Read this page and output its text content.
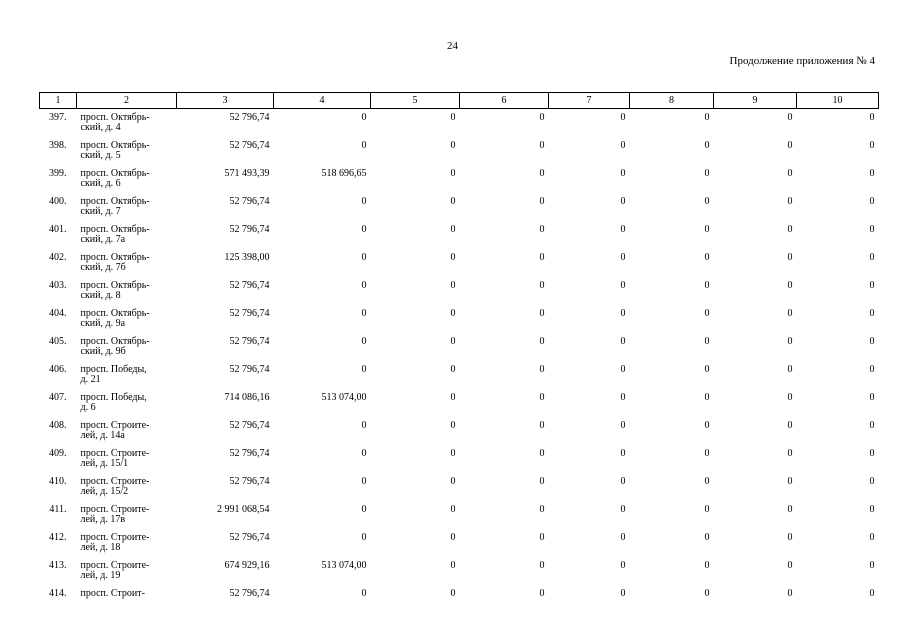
24
Продолжение приложения № 4
1	2	3	4	5	6	7	8	9	10
397.	просп. Октябрь-
ский, д. 4	52 796,74	0	0	0	0	0	0	0
398.	просп. Октябрь-
ский, д. 5	52 796,74	0	0	0	0	0	0	0
399.	просп. Октябрь-
ский, д. 6	571 493,39	518 696,65	0	0	0	0	0	0
400.	просп. Октябрь-
ский, д. 7	52 796,74	0	0	0	0	0	0	0
401.	просп. Октябрь-
ский, д. 7а	52 796,74	0	0	0	0	0	0	0
402.	просп. Октябрь-
ский, д. 7б	125 398,00	0	0	0	0	0	0	0
403.	просп. Октябрь-
ский, д. 8	52 796,74	0	0	0	0	0	0	0
404.	просп. Октябрь-
ский, д. 9а	52 796,74	0	0	0	0	0	0	0
405.	просп. Октябрь-
ский, д. 9б	52 796,74	0	0	0	0	0	0	0
406.	просп. Победы,
д. 21	52 796,74	0	0	0	0	0	0	0
407.	просп. Победы,
д. 6	714 086,16	513 074,00	0	0	0	0	0	0
408.	просп. Строите-
лей, д. 14а	52 796,74	0	0	0	0	0	0	0
409.	просп. Строите-
лей, д. 15/1	52 796,74	0	0	0	0	0	0	0
410.	просп. Строите-
лей, д. 15/2	52 796,74	0	0	0	0	0	0	0
411.	просп. Строите-
лей, д. 17в	2 991 068,54	0	0	0	0	0	0	0
412.	просп. Строите-
лей, д. 18	52 796,74	0	0	0	0	0	0	0
413.	просп. Строите-
лей, д. 19	674 929,16	513 074,00	0	0	0	0	0	0
414.	просп. Строит-	52 796,74	0	0	0	0	0	0	0
